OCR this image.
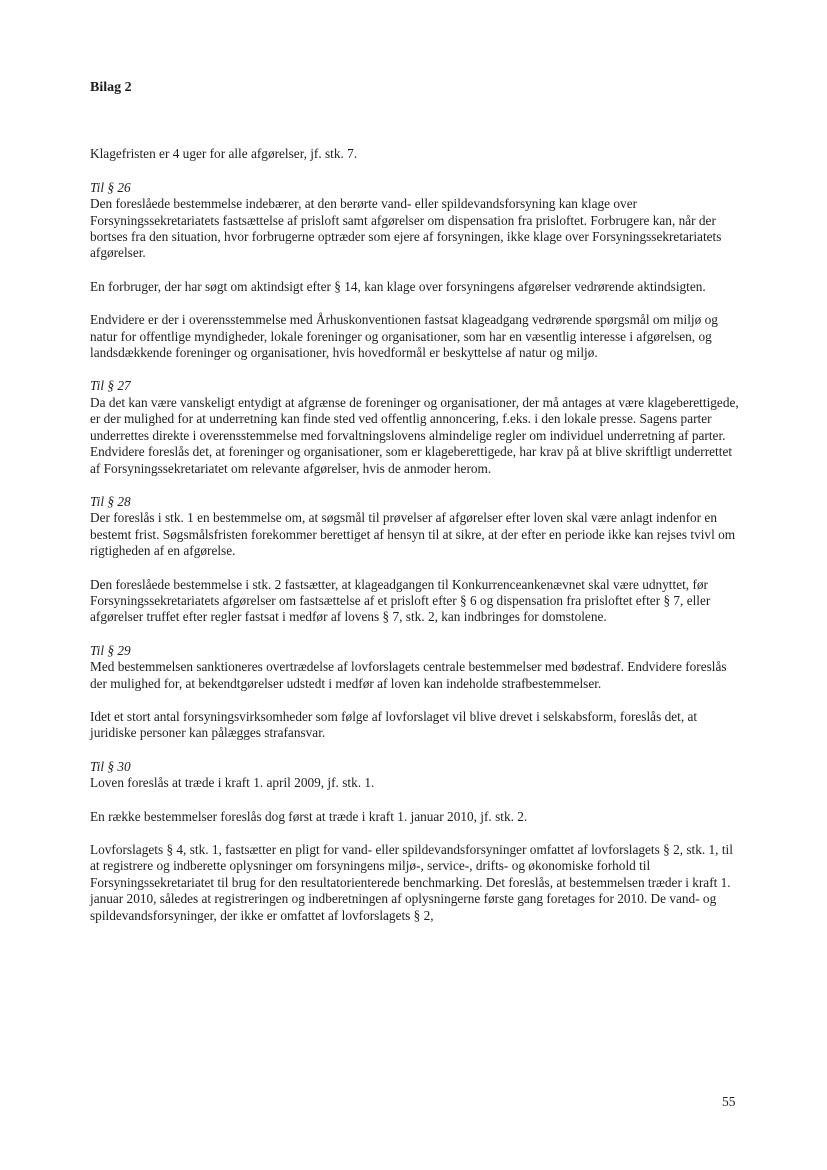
Bilag 2
Klagefristen er 4 uger for alle afgørelser, jf. stk. 7.
Til § 26
Den foreslåede bestemmelse indebærer, at den berørte vand- eller spildevandsforsyning kan klage over Forsyningssekretariatets fastsættelse af prisloft samt afgørelser om dispensation fra prisloftet. Forbrugere kan, når der bortses fra den situation, hvor forbrugerne optræder som ejere af forsyningen, ikke klage over Forsyningssekretariatets afgørelser.
En forbruger, der har søgt om aktindsigt efter § 14, kan klage over forsyningens afgørelser vedrørende aktindsigten.
Endvidere er der i overensstemmelse med Århuskonventionen fastsat klageadgang vedrørende spørgsmål om miljø og natur for offentlige myndigheder, lokale foreninger og organisationer, som har en væsentlig interesse i afgørelsen, og landsdækkende foreninger og organisationer, hvis hovedformål er beskyttelse af natur og miljø.
Til § 27
Da det kan være vanskeligt entydigt at afgrænse de foreninger og organisationer, der må antages at være klageberettigede, er der mulighed for at underretning kan finde sted ved offentlig annoncering, f.eks. i den lokale presse. Sagens parter underrettes direkte i overensstemmelse med forvaltningslovens almindelige regler om individuel underretning af parter. Endvidere foreslås det, at foreninger og organisationer, som er klageberettigede, har krav på at blive skriftligt underrettet af Forsyningssekretariatet om relevante afgørelser, hvis de anmoder herom.
Til § 28
Der foreslås i stk. 1 en bestemmelse om, at søgsmål til prøvelser af afgørelser efter loven skal være anlagt indenfor en bestemt frist. Søgsmålsfristen forekommer berettiget af hensyn til at sikre, at der efter en periode ikke kan rejses tvivl om rigtigheden af en afgørelse.
Den foreslåede bestemmelse i stk. 2 fastsætter, at klageadgangen til Konkurrenceankenævnet skal være udnyttet, før Forsyningssekretariatets afgørelser om fastsættelse af et prisloft efter § 6 og dispensation fra prisloftet efter § 7, eller afgørelser truffet efter regler fastsat i medfør af lovens § 7, stk. 2, kan indbringes for domstolene.
Til § 29
Med bestemmelsen sanktioneres overtrædelse af lovforslagets centrale bestemmelser med bødestraf. Endvidere foreslås der mulighed for, at bekendtgørelser udstedt i medfør af loven kan indeholde strafbestemmelser.
Idet et stort antal forsyningsvirksomheder som følge af lovforslaget vil blive drevet i selskabsform, foreslås det, at juridiske personer kan pålægges strafansvar.
Til § 30
Loven foreslås at træde i kraft 1. april 2009, jf. stk. 1.
En række bestemmelser foreslås dog først at træde i kraft 1. januar 2010, jf. stk. 2.
Lovforslagets § 4, stk. 1, fastsætter en pligt for vand- eller spildevandsforsyninger omfattet af lovforslagets § 2, stk. 1, til at registrere og indberette oplysninger om forsyningens miljø-, service-, drifts- og økonomiske forhold til Forsyningssekretariatet til brug for den resultatorienterede benchmarking. Det foreslås, at bestemmelsen træder i kraft 1. januar 2010, således at registreringen og indberetningen af oplysningerne første gang foretages for 2010. De vand- og spildevandsforsyninger, der ikke er omfattet af lovforslagets § 2,
55
